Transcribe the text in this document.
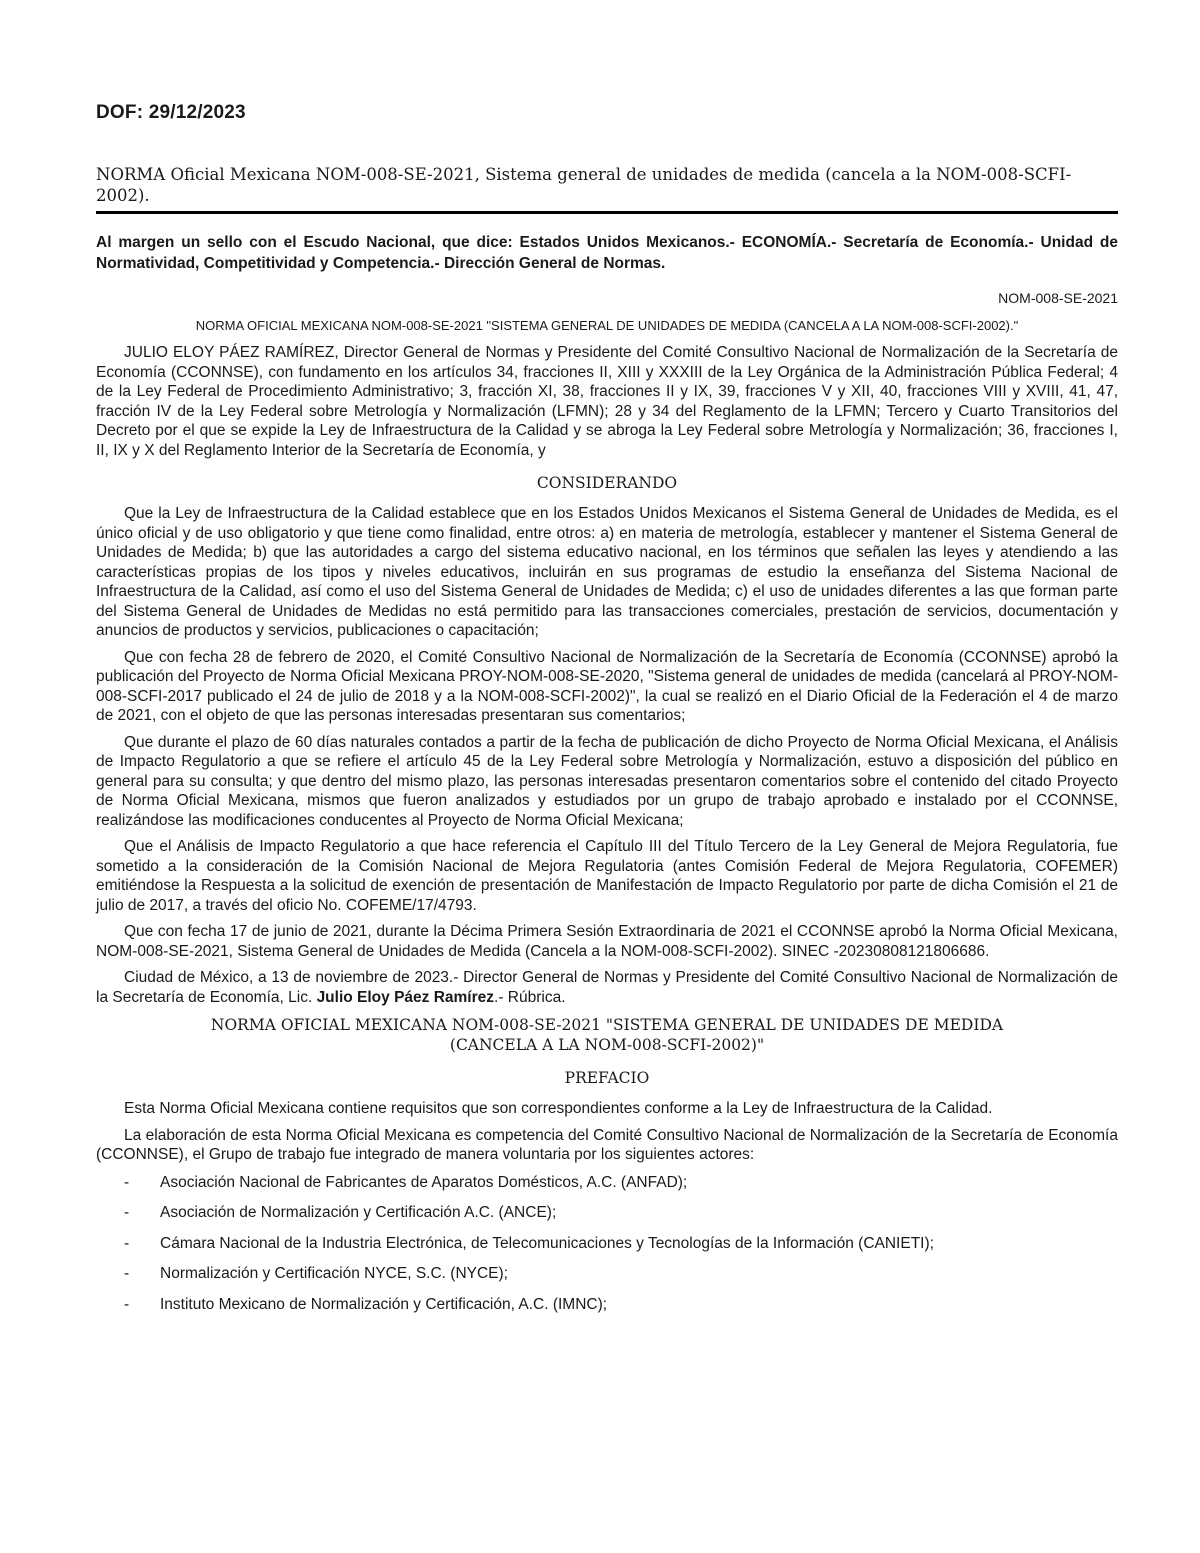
DOF: 29/12/2023

NORMA Oficial Mexicana NOM-008-SE-2021, Sistema general de unidades de medida (cancela a la NOM-008-SCFI-2002).

Al margen un sello con el Escudo Nacional, que dice: Estados Unidos Mexicanos.- ECONOMÍA.- Secretaría de Economía.- Unidad de Normatividad, Competitividad y Competencia.- Dirección General de Normas.

NOM-008-SE-2021
NORMA OFICIAL MEXICANA NOM-008-SE-2021 "SISTEMA GENERAL DE UNIDADES DE MEDIDA (CANCELA A LA NOM-008-SCFI-2002)."

JULIO ELOY PÁEZ RAMÍREZ, Director General de Normas y Presidente del Comité Consultivo Nacional de Normalización de la Secretaría de Economía (CCONNSE), con fundamento en los artículos 34, fracciones II, XIII y XXXIII de la Ley Orgánica de la Administración Pública Federal; 4 de la Ley Federal de Procedimiento Administrativo; 3, fracción XI, 38, fracciones II y IX, 39, fracciones V y XII, 40, fracciones VIII y XVIII, 41, 47, fracción IV de la Ley Federal sobre Metrología y Normalización (LFMN); 28 y 34 del Reglamento de la LFMN; Tercero y Cuarto Transitorios del Decreto por el que se expide la Ley de Infraestructura de la Calidad y se abroga la Ley Federal sobre Metrología y Normalización; 36, fracciones I, II, IX y X del Reglamento Interior de la Secretaría de Economía, y

CONSIDERANDO

Que la Ley de Infraestructura de la Calidad establece que en los Estados Unidos Mexicanos el Sistema General de Unidades de Medida, es el único oficial y de uso obligatorio y que tiene como finalidad, entre otros: a) en materia de metrología, establecer y mantener el Sistema General de Unidades de Medida; b) que las autoridades a cargo del sistema educativo nacional, en los términos que señalen las leyes y atendiendo a las características propias de los tipos y niveles educativos, incluirán en sus programas de estudio la enseñanza del Sistema Nacional de Infraestructura de la Calidad, así como el uso del Sistema General de Unidades de Medida; c) el uso de unidades diferentes a las que forman parte del Sistema General de Unidades de Medidas no está permitido para las transacciones comerciales, prestación de servicios, documentación y anuncios de productos y servicios, publicaciones o capacitación;

Que con fecha 28 de febrero de 2020, el Comité Consultivo Nacional de Normalización de la Secretaría de Economía (CCONNSE) aprobó la publicación del Proyecto de Norma Oficial Mexicana PROY-NOM-008-SE-2020, "Sistema general de unidades de medida (cancelará al PROY-NOM-008-SCFI-2017 publicado el 24 de julio de 2018 y a la NOM-008-SCFI-2002)", la cual se realizó en el Diario Oficial de la Federación el 4 de marzo de 2021, con el objeto de que las personas interesadas presentaran sus comentarios;

Que durante el plazo de 60 días naturales contados a partir de la fecha de publicación de dicho Proyecto de Norma Oficial Mexicana, el Análisis de Impacto Regulatorio a que se refiere el artículo 45 de la Ley Federal sobre Metrología y Normalización, estuvo a disposición del público en general para su consulta; y que dentro del mismo plazo, las personas interesadas presentaron comentarios sobre el contenido del citado Proyecto de Norma Oficial Mexicana, mismos que fueron analizados y estudiados por un grupo de trabajo aprobado e instalado por el CCONNSE, realizándose las modificaciones conducentes al Proyecto de Norma Oficial Mexicana;

Que el Análisis de Impacto Regulatorio a que hace referencia el Capítulo III del Título Tercero de la Ley General de Mejora Regulatoria, fue sometido a la consideración de la Comisión Nacional de Mejora Regulatoria (antes Comisión Federal de Mejora Regulatoria, COFEMER) emitiéndose la Respuesta a la solicitud de exención de presentación de Manifestación de Impacto Regulatorio por parte de dicha Comisión el 21 de julio de 2017, a través del oficio No. COFEME/17/4793.

Que con fecha 17 de junio de 2021, durante la Décima Primera Sesión Extraordinaria de 2021 el CCONNSE aprobó la Norma Oficial Mexicana, NOM-008-SE-2021, Sistema General de Unidades de Medida (Cancela a la NOM-008-SCFI-2002). SINEC -20230808121806686.

Ciudad de México, a 13 de noviembre de 2023.- Director General de Normas y Presidente del Comité Consultivo Nacional de Normalización de la Secretaría de Economía, Lic. Julio Eloy Páez Ramírez.- Rúbrica.

NORMA OFICIAL MEXICANA NOM-008-SE-2021 "SISTEMA GENERAL DE UNIDADES DE MEDIDA
(CANCELA A LA NOM-008-SCFI-2002)"
PREFACIO

Esta Norma Oficial Mexicana contiene requisitos que son correspondientes conforme a la Ley de Infraestructura de la Calidad.

La elaboración de esta Norma Oficial Mexicana es competencia del Comité Consultivo Nacional de Normalización de la Secretaría de Economía (CCONNSE), el Grupo de trabajo fue integrado de manera voluntaria por los siguientes actores:

- Asociación Nacional de Fabricantes de Aparatos Domésticos, A.C. (ANFAD);
- Asociación de Normalización y Certificación A.C. (ANCE);
- Cámara Nacional de la Industria Electrónica, de Telecomunicaciones y Tecnologías de la Información (CANIETI);
- Normalización y Certificación NYCE, S.C. (NYCE);
- Instituto Mexicano de Normalización y Certificación, A.C. (IMNC);
